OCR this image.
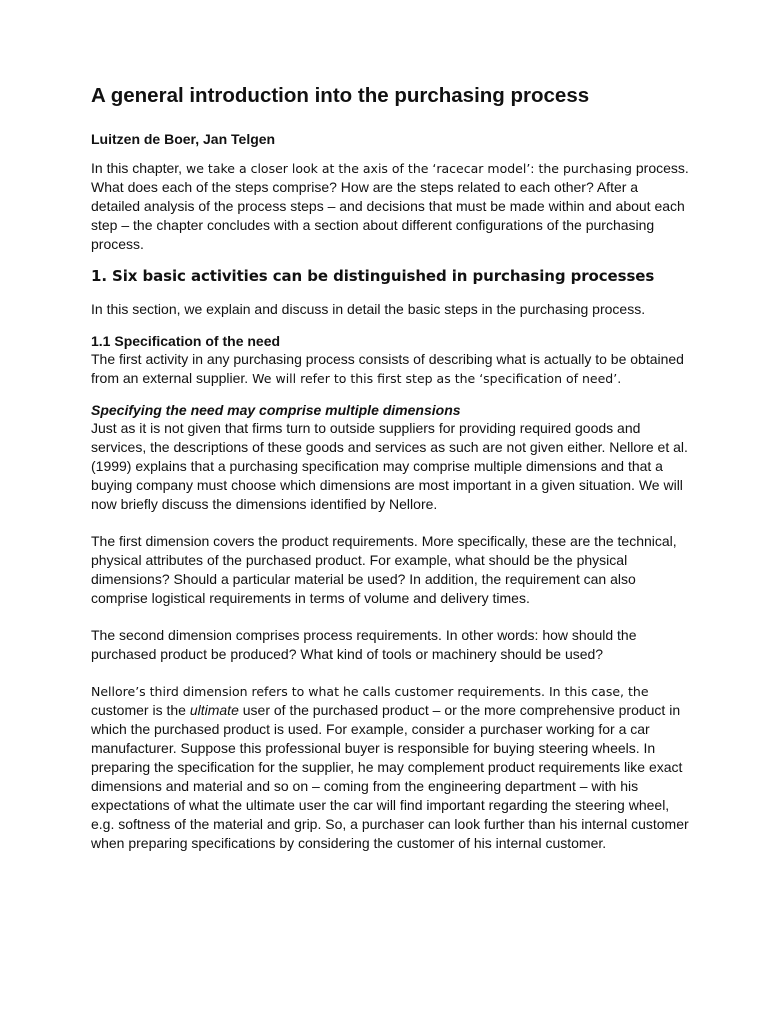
A general introduction into the purchasing process
Luitzen de Boer, Jan Telgen

In this chapter, we take a closer look at the axis of the ‘racecar model’: the purchasing process. What does each of the steps comprise? How are the steps related to each other? After a detailed analysis of the process steps – and decisions that must be made within and about each step – the chapter concludes with a section about different configurations of the purchasing process.

1. Six basic activities can be distinguished in purchasing processes

In this section, we explain and discuss in detail the basic steps in the purchasing process.

1.1 Specification of the need

The first activity in any purchasing process consists of describing what is actually to be obtained from an external supplier. We will refer to this first step as the ‘specification of need’.

Specifying the need may comprise multiple dimensions

Just as it is not given that firms turn to outside suppliers for providing required goods and services, the descriptions of these goods and services as such are not given either. Nellore et al. (1999) explains that a purchasing specification may comprise multiple dimensions and that a buying company must choose which dimensions are most important in a given situation. We will now briefly discuss the dimensions identified by Nellore.

The first dimension covers the product requirements. More specifically, these are the technical, physical attributes of the purchased product. For example, what should be the physical dimensions? Should a particular material be used? In addition, the requirement can also comprise logistical requirements in terms of volume and delivery times.

The second dimension comprises process requirements. In other words: how should the purchased product be produced? What kind of tools or machinery should be used?

Nellore’s third dimension refers to what he calls customer requirements. In this case, the customer is the ultimate user of the purchased product – or the more comprehensive product in which the purchased product is used. For example, consider a purchaser working for a car manufacturer. Suppose this professional buyer is responsible for buying steering wheels. In preparing the specification for the supplier, he may complement product requirements like exact dimensions and material and so on – coming from the engineering department – with his expectations of what the ultimate user the car will find important regarding the steering wheel, e.g. softness of the material and grip. So, a purchaser can look further than his internal customer when preparing specifications by considering the customer of his internal customer.
